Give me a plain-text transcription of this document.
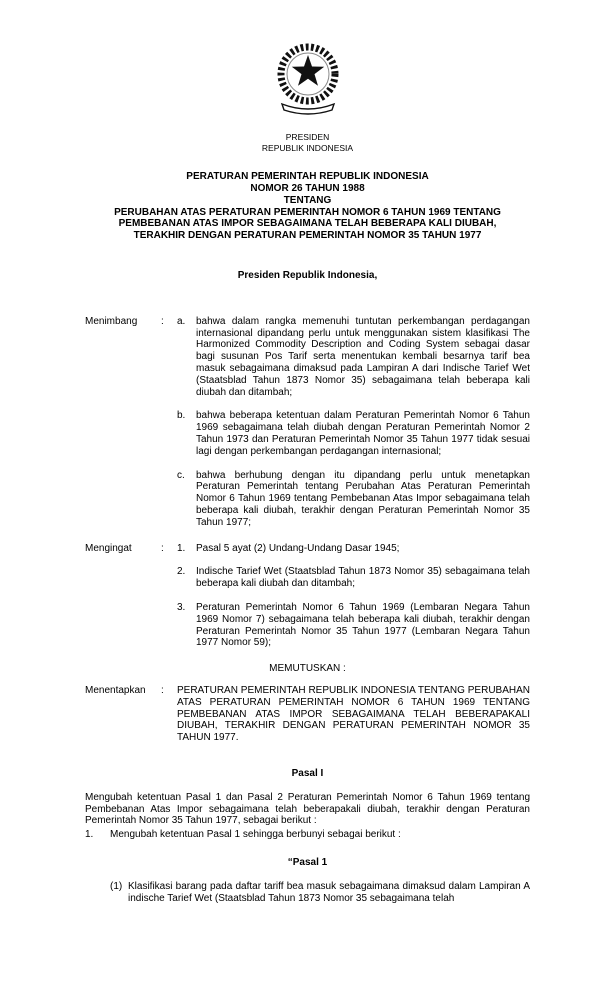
PRESIDEN
REPUBLIK INDONESIA
PERATURAN PEMERINTAH REPUBLIK INDONESIA
NOMOR 26 TAHUN 1988
TENTANG
PERUBAHAN ATAS PERATURAN PEMERINTAH NOMOR 6 TAHUN 1969 TENTANG
PEMBEBANAN ATAS IMPOR SEBAGAIMANA TELAH BEBERAPA KALI DIUBAH,
TERAKHIR DENGAN PERATURAN PEMERINTAH NOMOR 35 TAHUN 1977
Presiden Republik Indonesia,
Menimbang	:	a.	bahwa dalam rangka memenuhi tuntutan perkembangan perdagangan internasional dipandang perlu untuk menggunakan sistem klasifikasi The Harmonized Commodity Description and Coding System sebagai dasar bagi susunan Pos Tarif serta menentukan kembali besarnya tarif bea masuk sebagaimana dimaksud pada Lampiran A dari Indische Tarief Wet (Staatsblad Tahun 1873 Nomor 35) sebagaimana telah beberapa kali diubah dan ditambah;
b.	bahwa beberapa ketentuan dalam Peraturan Pemerintah Nomor 6 Tahun 1969 sebagaimana telah diubah dengan Peraturan Pemerintah Nomor 2 Tahun 1973 dan Peraturan Pemerintah Nomor 35 Tahun 1977 tidak sesuai lagi dengan perkembangan perdagangan internasional;
c.	bahwa berhubung dengan itu dipandang perlu untuk menetapkan Peraturan Pemerintah tentang Perubahan Atas Peraturan Pemerintah Nomor 6 Tahun 1969 tentang Pembebanan Atas Impor sebagaimana telah beberapa kali diubah, terakhir dengan Peraturan Pemerintah Nomor 35 Tahun 1977;
Mengingat	:	1.	Pasal 5 ayat (2) Undang-Undang Dasar 1945;
2.	Indische Tarief Wet (Staatsblad Tahun 1873 Nomor 35) sebagaimana telah beberapa kali diubah dan ditambah;
3.	Peraturan Pemerintah Nomor 6 Tahun 1969 (Lembaran Negara Tahun 1969 Nomor 7) sebagaimana telah beberapa kali diubah, terakhir dengan Peraturan Pemerintah Nomor 35 Tahun 1977 (Lembaran Negara Tahun 1977 Nomor 59);
MEMUTUSKAN :
Menentapkan	:	PERATURAN PEMERINTAH REPUBLIK INDONESIA TENTANG PERUBAHAN ATAS PERATURAN PEMERINTAH NOMOR 6 TAHUN 1969 TENTANG PEMBEBANAN ATAS IMPOR SEBAGAIMANA TELAH BEBERAPAKALI DIUBAH, TERAKHIR DENGAN PERATURAN PEMERINTAH NOMOR 35 TAHUN 1977.
Pasal I
Mengubah ketentuan Pasal 1 dan Pasal 2 Peraturan Pemerintah Nomor 6 Tahun 1969 tentang Pembebanan Atas Impor sebagaimana telah beberapakali diubah, terakhir dengan Peraturan Pemerintah Nomor 35 Tahun 1977, sebagai berikut :
1.	Mengubah ketentuan Pasal 1 sehingga berbunyi sebagai berikut :
“Pasal 1
(1) Klasifikasi barang pada daftar tariff bea masuk sebagaimana dimaksud dalam Lampiran A indische Tarief Wet (Staatsblad Tahun 1873 Nomor 35 sebagaimana telah
